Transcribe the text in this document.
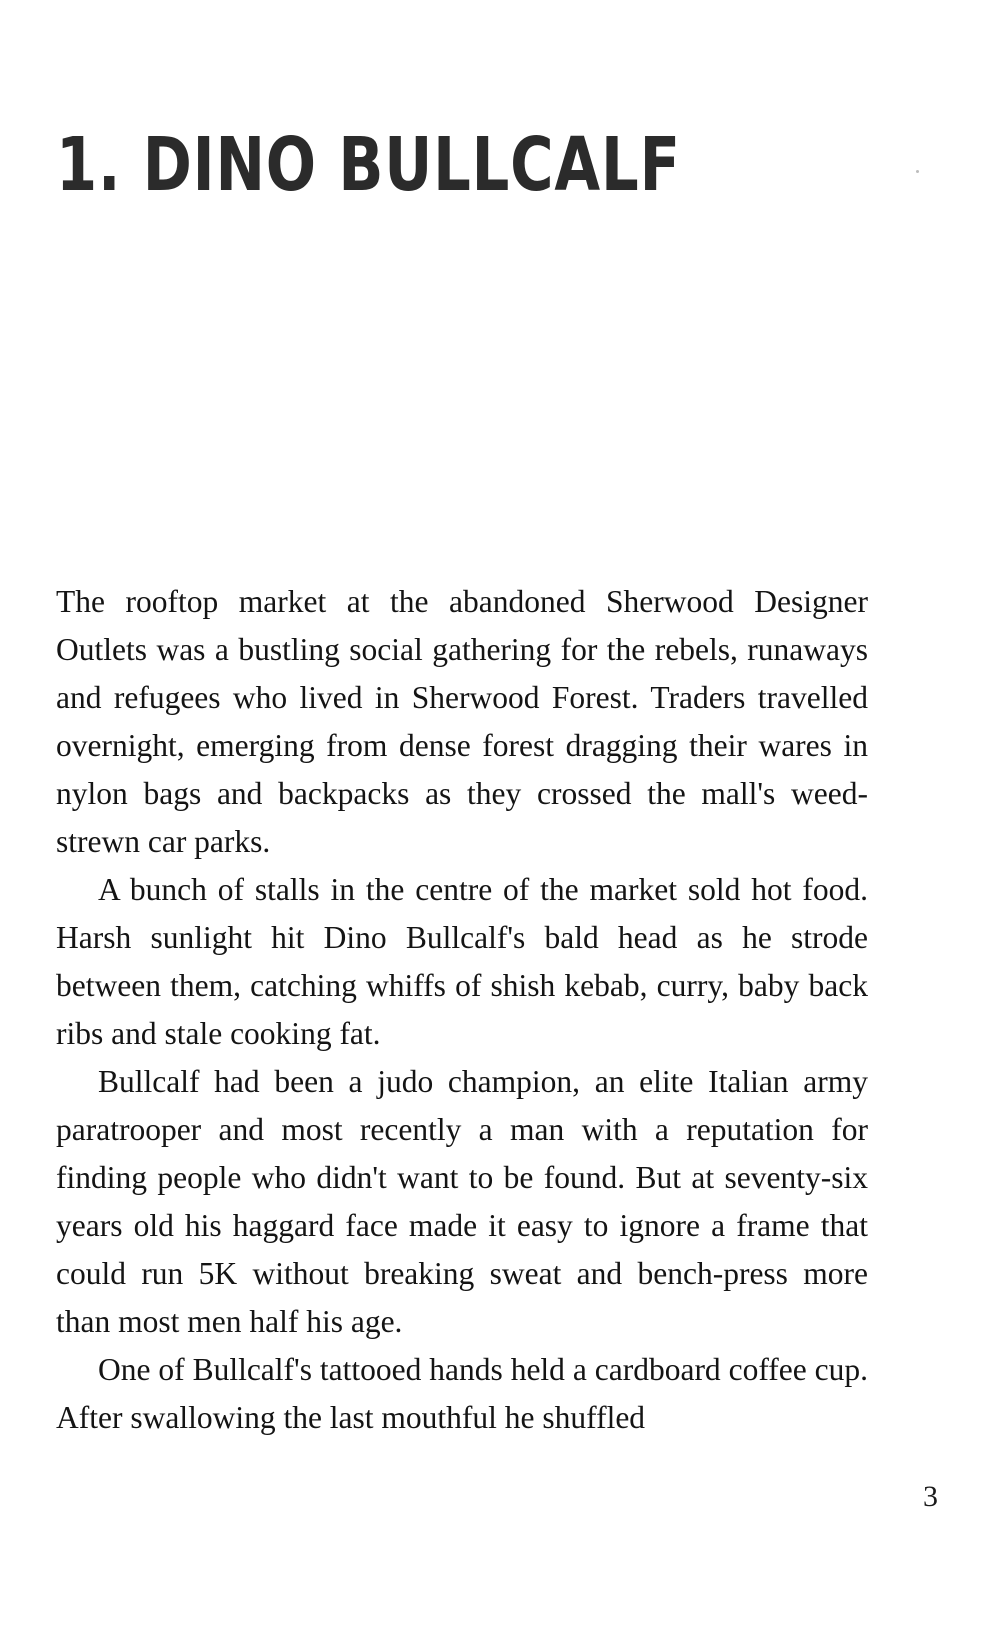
1. DINO BULLCALF

The rooftop market at the abandoned Sherwood Designer Outlets was a bustling social gathering for the rebels, runaways and refugees who lived in Sherwood Forest. Traders travelled overnight, emerging from dense forest dragging their wares in nylon bags and backpacks as they crossed the mall's weed-strewn car parks.

A bunch of stalls in the centre of the market sold hot food. Harsh sunlight hit Dino Bullcalf's bald head as he strode between them, catching whiffs of shish kebab, curry, baby back ribs and stale cooking fat.

Bullcalf had been a judo champion, an elite Italian army paratrooper and most recently a man with a reputation for finding people who didn't want to be found. But at seventy-six years old his haggard face made it easy to ignore a frame that could run 5K without breaking sweat and bench-press more than most men half his age.

One of Bullcalf's tattooed hands held a cardboard coffee cup. After swallowing the last mouthful he shuffled

3
